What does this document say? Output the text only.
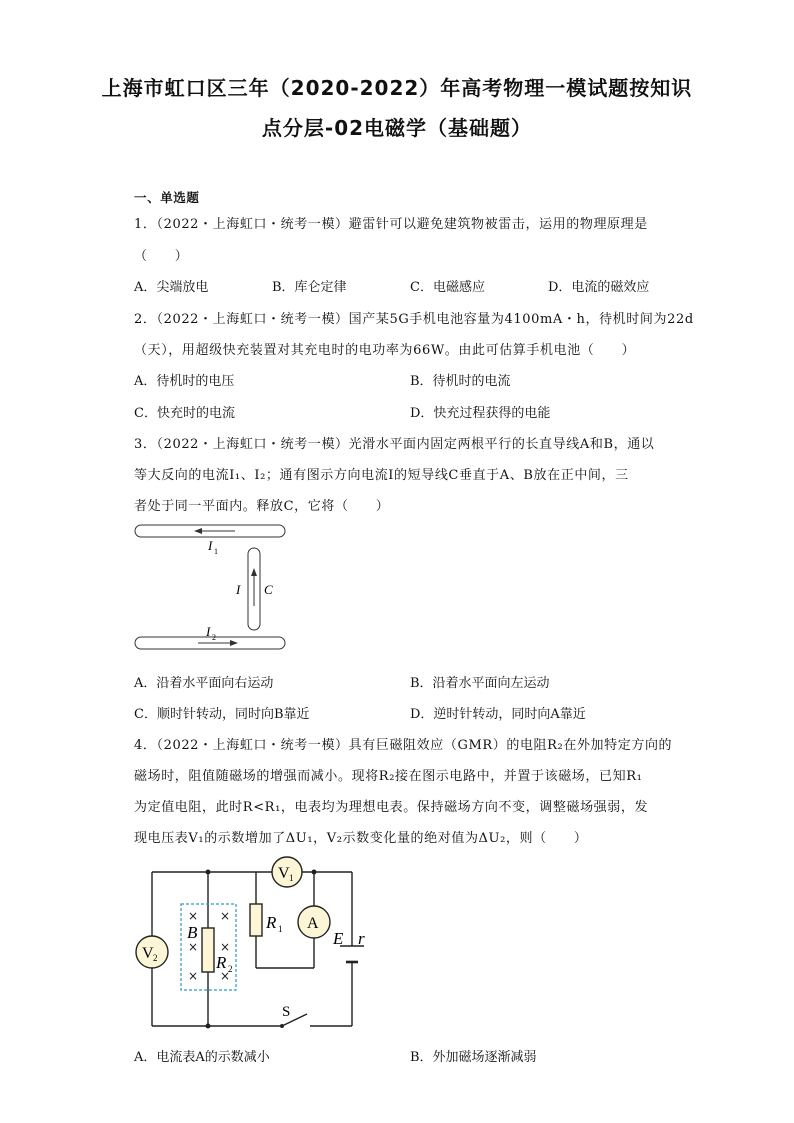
上海市虹口区三年（2020-2022）年高考物理一模试题按知识
点分层-02电磁学（基础题）
一、单选题
1．（2022・上海虹口・统考一模）避雷针可以避免建筑物被雷击，运用的物理原理是
（　　）
A．尖端放电	B．库仑定律	C．电磁感应	D．电流的磁效应
2．（2022・上海虹口・统考一模）国产某5G手机电池容量为4100mA・h，待机时间为22d
（天），用超级快充装置对其充电时的电功率为66W。由此可估算手机电池（　　）
A．待机时的电压	B．待机时的电流
C．快充时的电流	D．快充过程获得的电能
3．（2022・上海虹口・统考一模）光滑水平面内固定两根平行的长直导线A和B，通以
等大反向的电流I₁、I₂；通有图示方向电流I的短导线C垂直于A、B放在正中间，三
者处于同一平面内。释放C，它将（　　）
I 1
I C
I 2
A．沿着水平面向右运动	B．沿着水平面向左运动
C．顺时针转动，同时向B靠近	D．逆时针转动，同时向A靠近
4．（2022・上海虹口・统考一模）具有巨磁阻效应（GMR）的电阻R₂在外加特定方向的
磁场时，阻值随磁场的增强而减小。现将R₂接在图示电路中，并置于该磁场，已知R₁
为定值电阻，此时R<R₁，电表均为理想电表。保持磁场方向不变，调整磁场强弱，发
现电压表V₁的示数增加了ΔU₁，V₂示数变化量的绝对值为ΔU₂，则（　　）
V 1
V 2
A
R 1
× ×
× ×
× ×
B
R 2
E r
S
A．电流表A的示数减小	B．外加磁场逐渐减弱
